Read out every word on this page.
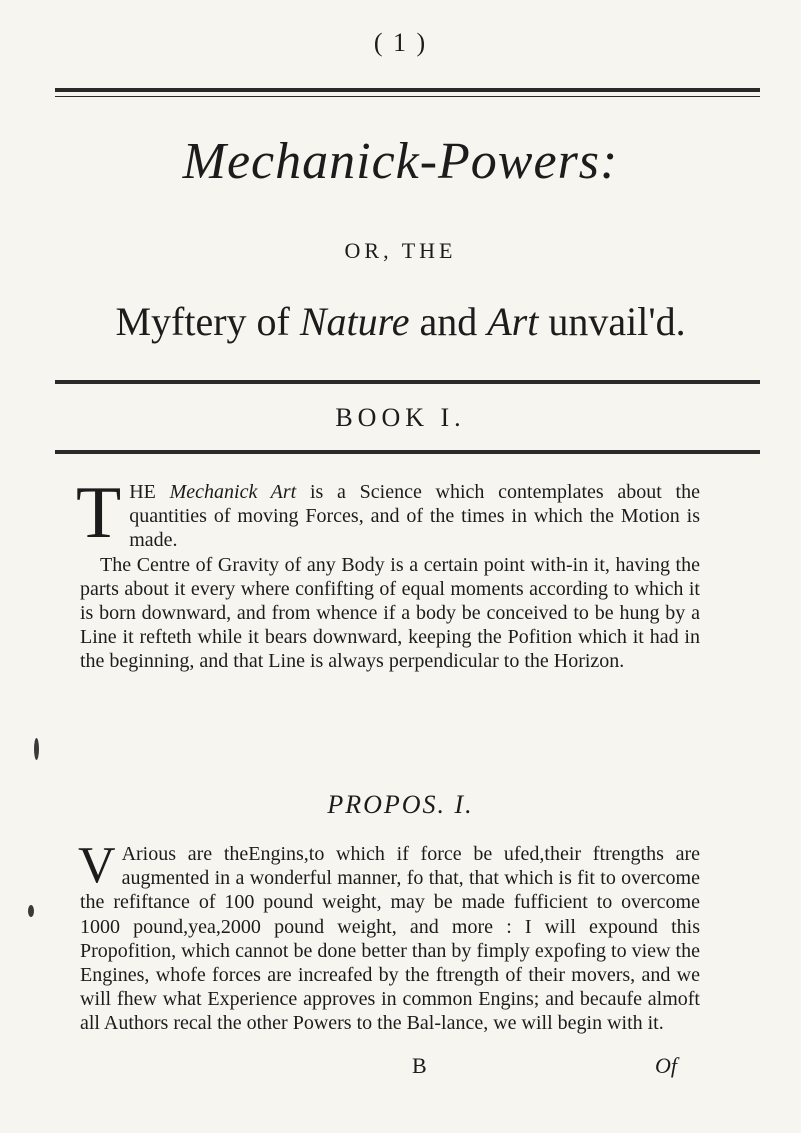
( 1 )
Mechanick-Powers:
OR, THE
Myftery of Nature and Art unvail'd.
BOOK I.

THE Mechanick Art is a Science which contemplates about the quantities of moving Forces, and of the times in which the Motion is made.

The Centre of Gravity of any Body is a certain point with-in it, having the parts about it every where confifting of equal moments according to which it is born downward, and from whence if a body be conceived to be hung by a Line it refteth while it bears downward, keeping the Pofition which it had in the beginning, and that Line is always perpendicular to the Horizon.

PROPOS. I.

V Arious are theEngins,to which if force be ufed,their ftrengths are augmented in a wonderful manner, fo that, that which is fit to overcome the refiftance of 100 pound weight, may be made fufficient to overcome 1000 pound,yea,2000 pound weight, and more : I will expound this Propofition, which cannot be done better than by fimply expofing to view the Engines, whofe forces are increafed by the ftrength of their movers, and we will fhew what Experience approves in common Engins; and becaufe almoft all Authors recal the other Powers to the Bal-lance, we will begin with it.

B	Of
